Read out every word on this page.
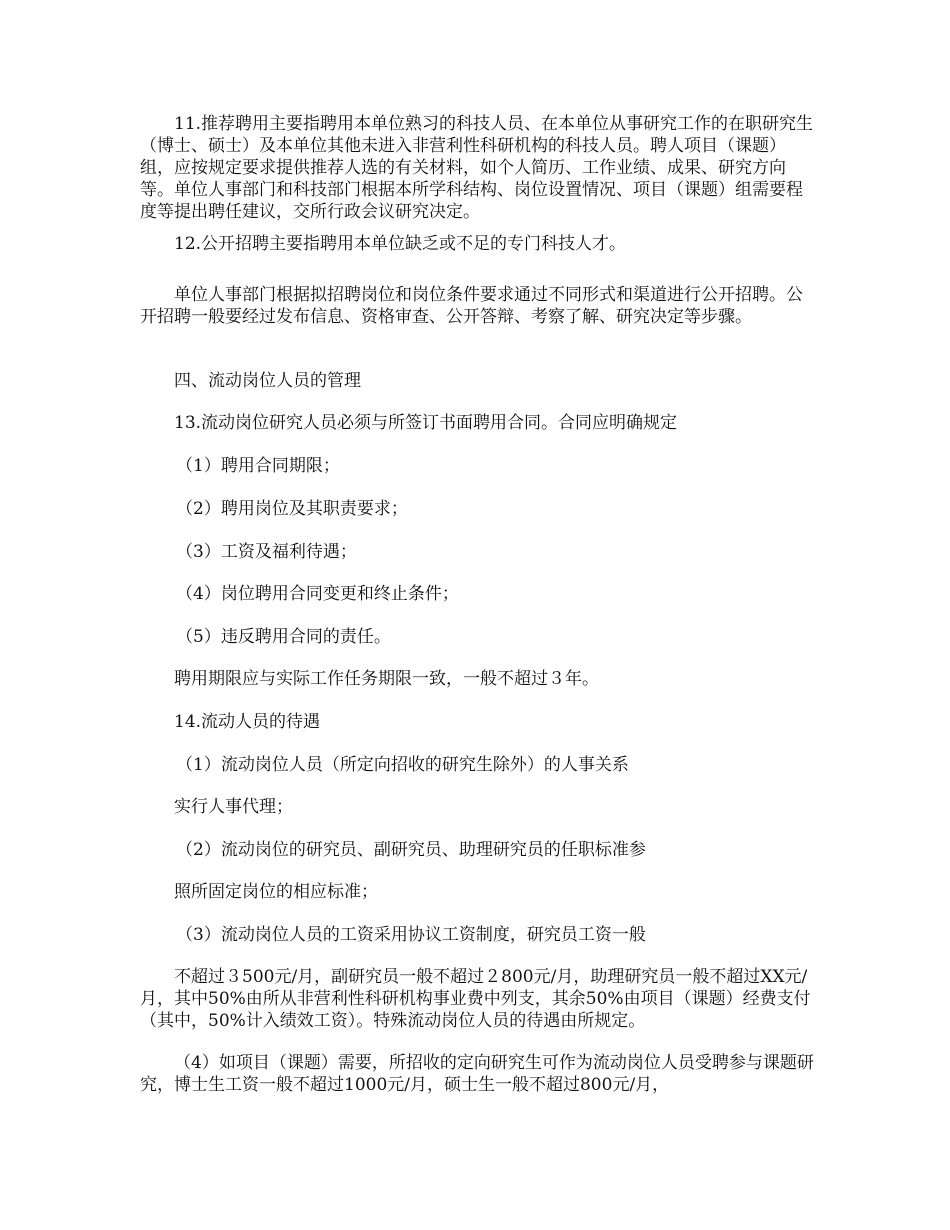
11.推荐聘用主要指聘用本单位熟习的科技人员、在本单位从事研究工作的在职研究生（博士、硕士）及本单位其他未进入非营利性科研机构的科技人员。聘人项目（课题）组，应按规定要求提供推荐人选的有关材料，如个人简历、工作业绩、成果、研究方向等。单位人事部门和科技部门根据本所学科结构、岗位设置情况、项目（课题）组需要程度等提出聘任建议，交所行政会议研究决定。

12.公开招聘主要指聘用本单位缺乏或不足的专门科技人才。

单位人事部门根据拟招聘岗位和岗位条件要求通过不同形式和渠道进行公开招聘。公开招聘一般要经过发布信息、资格审查、公开答辩、考察了解、研究决定等步骤。

四、流动岗位人员的管理

13.流动岗位研究人员必须与所签订书面聘用合同。合同应明确规定

（1）聘用合同期限；

（2）聘用岗位及其职责要求；

（3）工资及福利待遇；

（4）岗位聘用合同变更和终止条件；

（5）违反聘用合同的责任。

聘用期限应与实际工作任务期限一致，一般不超过３年。

14.流动人员的待遇

（1）流动岗位人员（所定向招收的研究生除外）的人事关系

实行人事代理；

（2）流动岗位的研究员、副研究员、助理研究员的任职标准参

照所固定岗位的相应标准；

（3）流动岗位人员的工资采用协议工资制度，研究员工资一般

不超过３500元/月，副研究员一般不超过２800元/月，助理研究员一般不超过XX元/月，其中50%由所从非营利性科研机构事业费中列支，其余50%由项目（课题）经费支付（其中，50%计入绩效工资）。特殊流动岗位人员的待遇由所规定。

（4）如项目（课题）需要，所招收的定向研究生可作为流动岗位人员受聘参与课题研究，博士生工资一般不超过1000元/月，硕士生一般不超过800元/月，
